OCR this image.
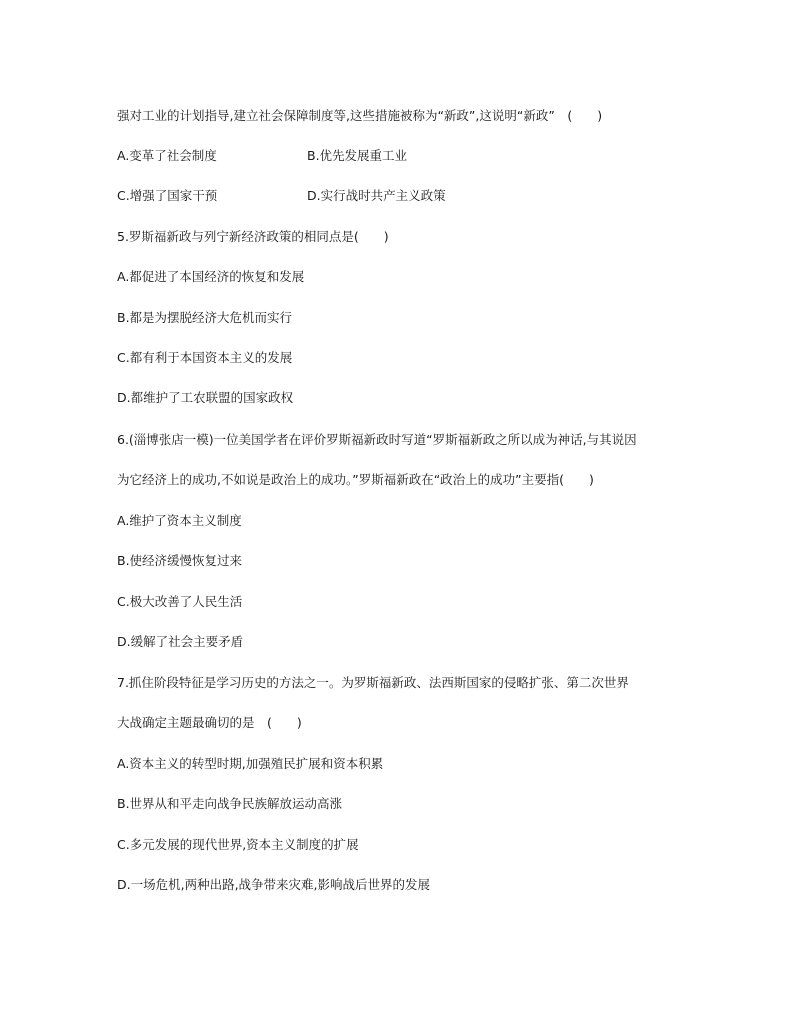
强对工业的计划指导,建立社会保障制度等,这些措施被称为“新政”,这说明“新政”　(　　)
A.变革了社会制度	B.优先发展重工业
C.增强了国家干预	D.实行战时共产主义政策
5.罗斯福新政与列宁新经济政策的相同点是(　　)
A.都促进了本国经济的恢复和发展
B.都是为摆脱经济大危机而实行
C.都有利于本国资本主义的发展
D.都维护了工农联盟的国家政权
6.(淄博张店一模)一位美国学者在评价罗斯福新政时写道“罗斯福新政之所以成为神话,与其说因
为它经济上的成功,不如说是政治上的成功。”罗斯福新政在“政治上的成功”主要指(　　)
A.维护了资本主义制度
B.使经济缓慢恢复过来
C.极大改善了人民生活
D.缓解了社会主要矛盾
7.抓住阶段特征是学习历史的方法之一。为罗斯福新政、法西斯国家的侵略扩张、第二次世界
大战确定主题最确切的是　(　　)
A.资本主义的转型时期,加强殖民扩展和资本积累
B.世界从和平走向战争民族解放运动高涨
C.多元发展的现代世界,资本主义制度的扩展
D.一场危机,两种出路,战争带来灾难,影响战后世界的发展
